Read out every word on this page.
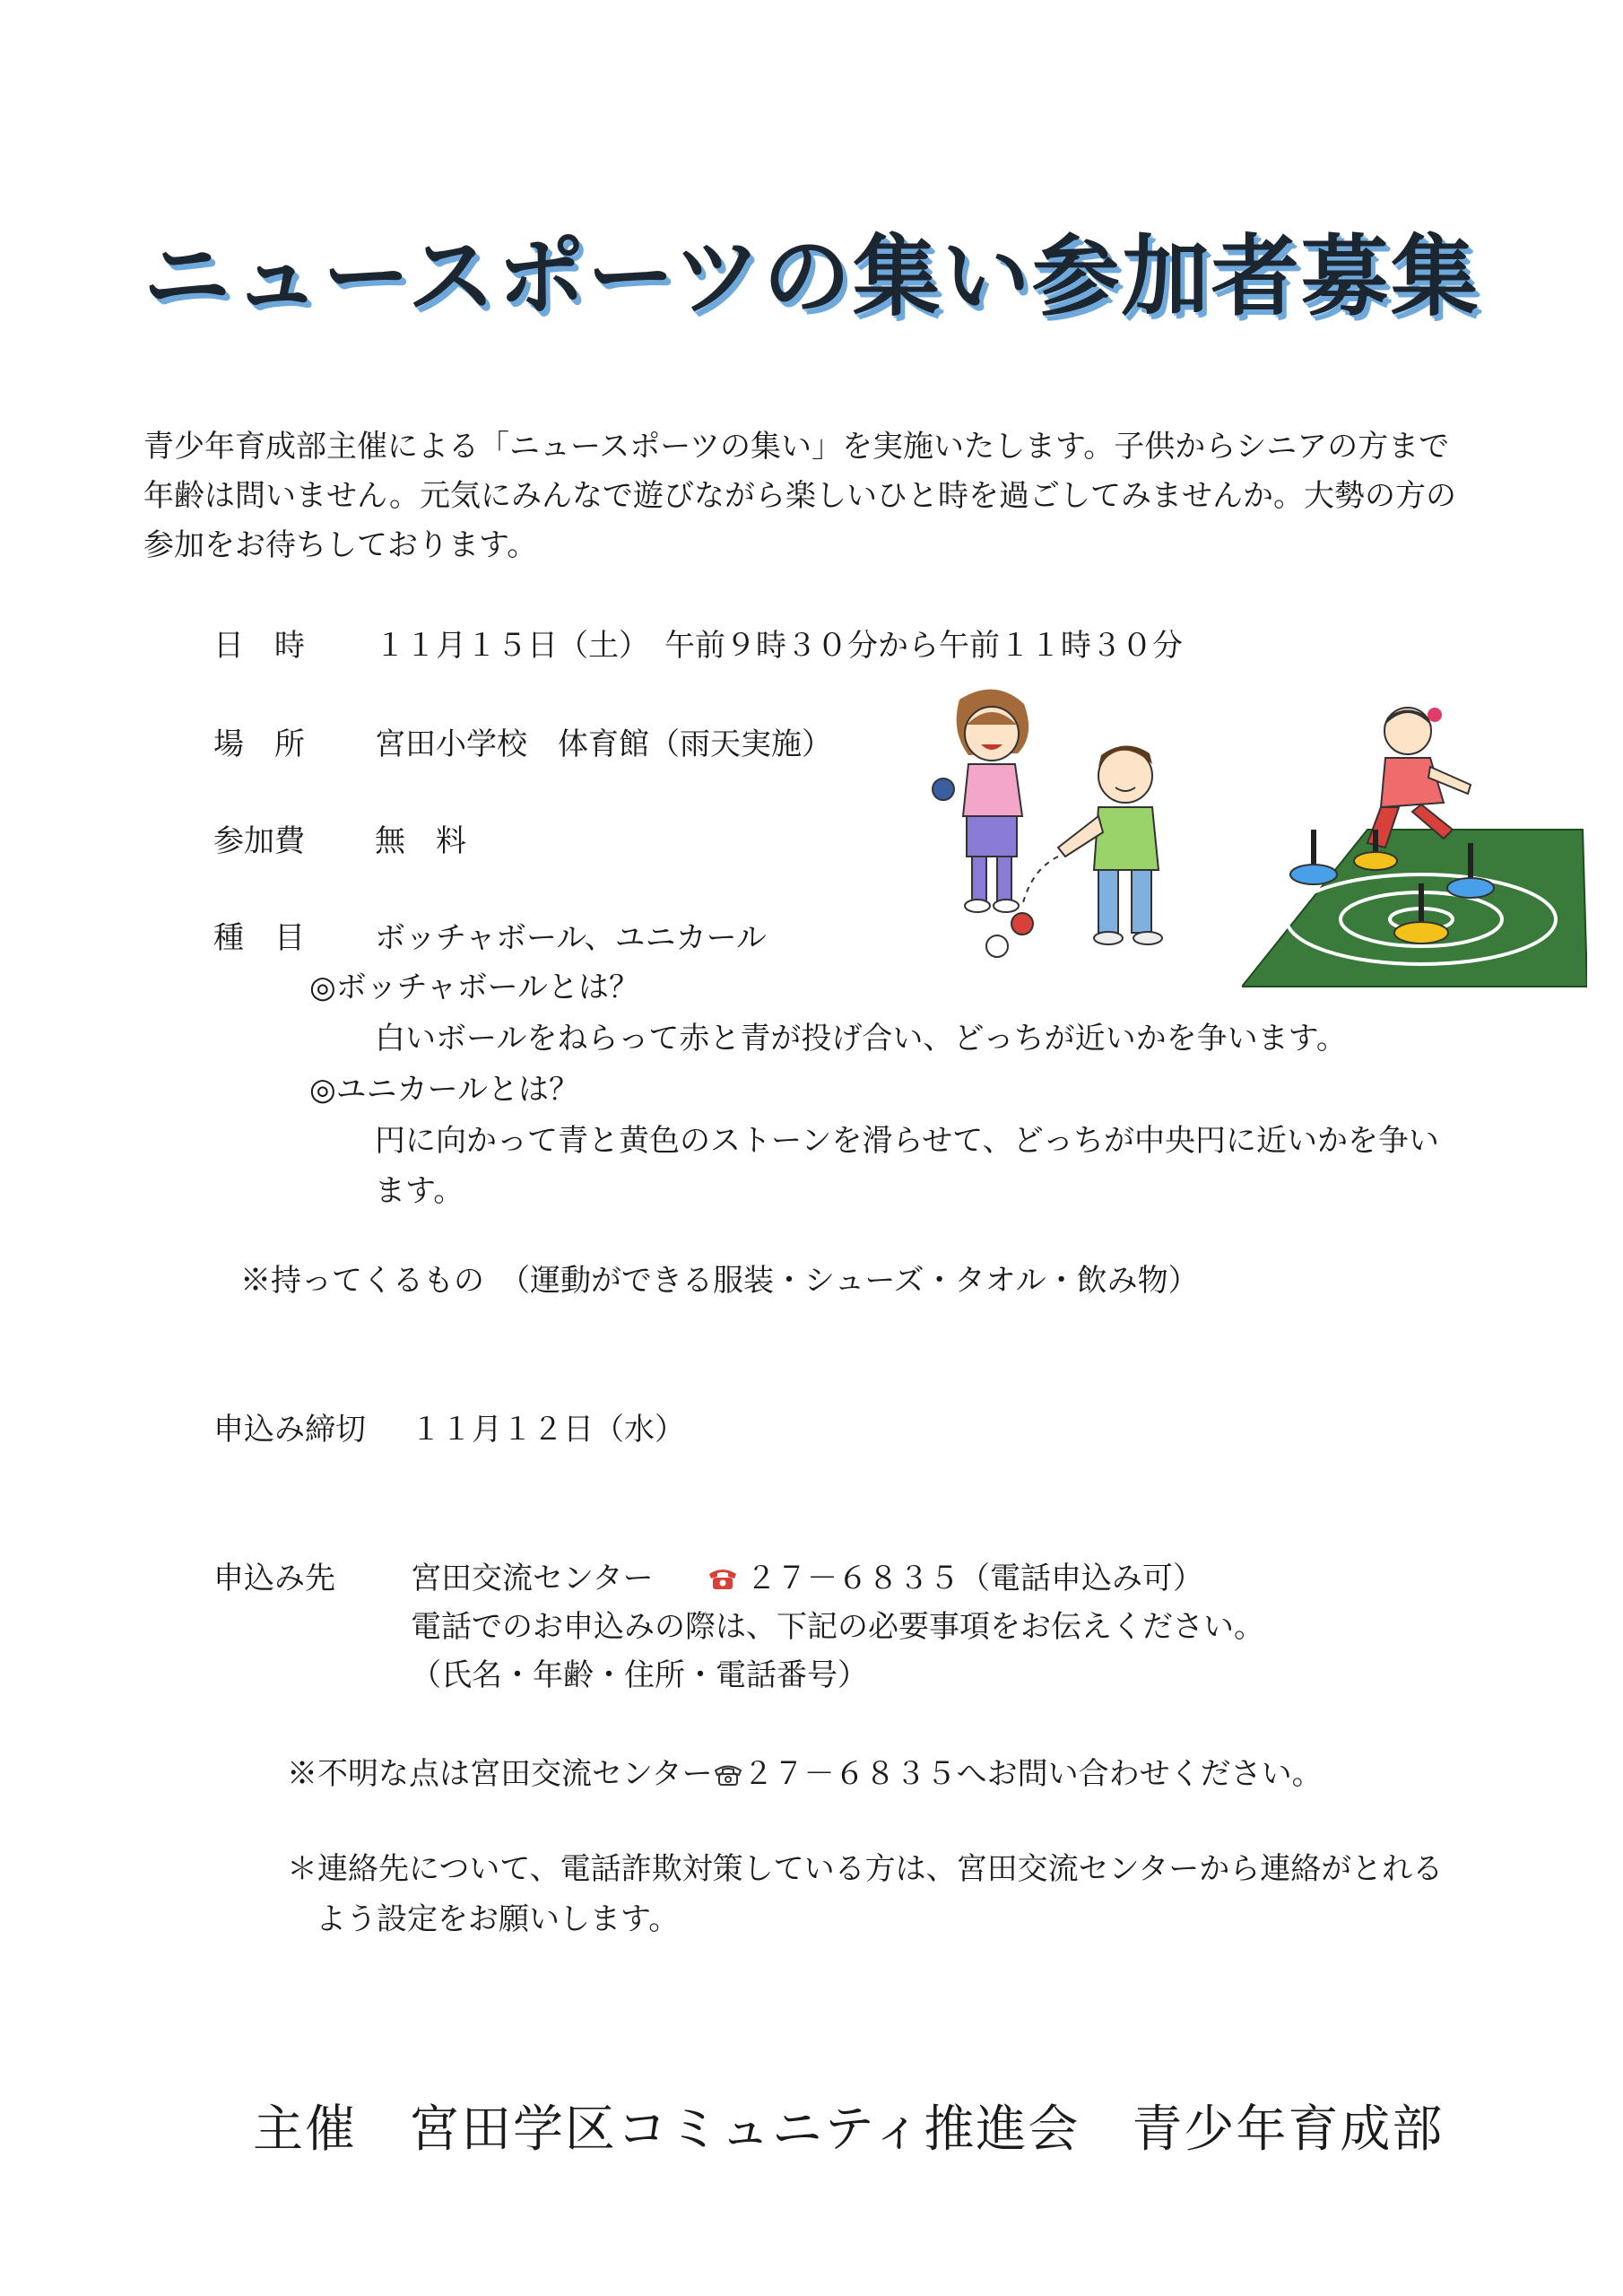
ニュースポーツの集い参加者募集
青少年育成部主催による「ニュースポーツの集い」を実施いたします。子供からシニアの方まで
年齢は問いません。元気にみんなで遊びながら楽しいひと時を過ごしてみませんか。大勢の方の
参加をお待ちしております。
日　時 １１月１５日（土）　午前９時３０分から午前１１時３０分
場　所 宮田小学校　体育館（雨天実施）
参加費 無　料
種　目 ボッチャボール、ユニカール
◎ボッチャボールとは？
白いボールをねらって赤と青が投げ合い、どっちが近いかを争います。
◎ユニカールとは？
円に向かって青と黄色のストーンを滑らせて、どっちが中央円に近いかを争い
ます。
※持ってくるもの　（運動ができる服装・シューズ・タオル・飲み物）
申込み締切 １１月１２日（水）
申込み先 宮田交流センター	２７－６８３５（電話申込み可）
電話でのお申込みの際は、下記の必要事項をお伝えください。
（氏名・年齢・住所・電話番号）
※不明な点は宮田交流センター ２７－６８３５へお問い合わせください。
＊連絡先について、電話詐欺対策している方は、宮田交流センターから連絡がとれる
よう設定をお願いします。
主催　宮田学区コミュニティ推進会　青少年育成部
